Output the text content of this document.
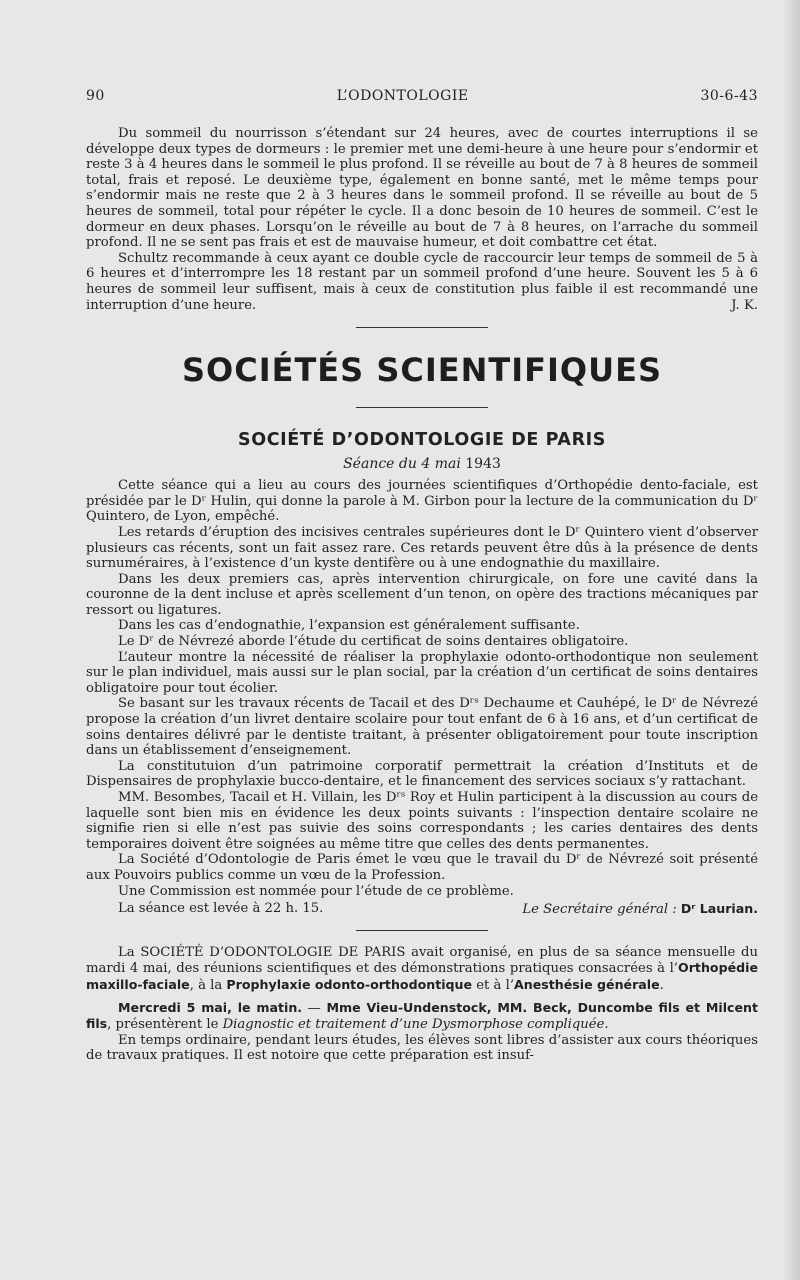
90	L’ODONTOLOGIE	30-6-43

Du sommeil du nourrisson s’étendant sur 24 heures, avec de courtes interruptions il se développe deux types de dormeurs : le premier met une demi-heure à une heure pour s’endormir et reste 3 à 4 heures dans le sommeil le plus profond. Il se réveille au bout de 7 à 8 heures de sommeil total, frais et reposé. Le deuxième type, également en bonne santé, met le même temps pour s’endormir mais ne reste que 2 à 3 heures dans le sommeil profond. Il se réveille au bout de 5 heures de sommeil, total pour répéter le cycle. Il a donc besoin de 10 heures de sommeil. C’est le dormeur en deux phases. Lorsqu’on le réveille au bout de 7 à 8 heures, on l’arrache du sommeil profond. Il ne se sent pas frais et est de mauvaise humeur, et doit combattre cet état.

Schultz recommande à ceux ayant ce double cycle de raccourcir leur temps de sommeil de 5 à 6 heures et d’interrompre les 18 restant par un sommeil profond d’une heure. Souvent les 5 à 6 heures de sommeil leur suffisent, mais à ceux de constitution plus faible il est recommandé une interruption d’une heure.	J. K.

SOCIÉTÉS SCIENTIFIQUES
SOCIÉTÉ D’ODONTOLOGIE DE PARIS
Séance du 4 mai 1943

Cette séance qui a lieu au cours des journées scientifiques d’Orthopédie dento-faciale, est présidée par le Dʳ Hulin, qui donne la parole à M. Girbon pour la lecture de la communication du Dʳ Quintero, de Lyon, empêché.

Les retards d’éruption des incisives centrales supérieures dont le Dʳ Quintero vient d’observer plusieurs cas récents, sont un fait assez rare. Ces retards peuvent être dûs à la présence de dents surnuméraires, à l’existence d’un kyste dentifère ou à une endognathie du maxillaire.

Dans les deux premiers cas, après intervention chirurgicale, on fore une cavité dans la couronne de la dent incluse et après scellement d’un tenon, on opère des tractions mécaniques par ressort ou ligatures.

Dans les cas d’endognathie, l’expansion est généralement suffisante.

Le Dʳ de Névrezé aborde l’étude du certificat de soins dentaires obligatoire.

L’auteur montre la nécessité de réaliser la prophylaxie odonto-orthodontique non seulement sur le plan individuel, mais aussi sur le plan social, par la création d’un certificat de soins dentaires obligatoire pour tout écolier.

Se basant sur les travaux récents de Tacail et des Dʳˢ Dechaume et Cauhépé, le Dʳ de Névrezé propose la création d’un livret dentaire scolaire pour tout enfant de 6 à 16 ans, et d’un certificat de soins dentaires délivré par le dentiste traitant, à présenter obligatoirement pour toute inscription dans un établissement d’enseignement.

La constitutuion d’un patrimoine corporatif permettrait la création d’Instituts et de Dispensaires de prophylaxie bucco-dentaire, et le financement des services sociaux s’y rattachant.

MM. Besombes, Tacail et H. Villain, les Dʳˢ Roy et Hulin participent à la discussion au cours de laquelle sont bien mis en évidence les deux points suivants : l’inspection dentaire scolaire ne signifie rien si elle n’est pas suivie des soins correspondants ; les caries dentaires des dents temporaires doivent être soignées au même titre que celles des dents permanentes.

La Société d’Odontologie de Paris émet le vœu que le travail du Dʳ de Névrezé soit présenté aux Pouvoirs publics comme un vœu de la Profession.

Une Commission est nommée pour l’étude de ce problème.

La séance est levée à 22 h. 15.	Le Secrétaire général : Dʳ Laurian.

La SOCIÉTÉ D’ODONTOLOGIE DE PARIS avait organisé, en plus de sa séance mensuelle du mardi 4 mai, des réunions scientifiques et des démonstrations pratiques consacrées à l’Orthopédie maxillo-faciale, à la Prophylaxie odonto-orthodontique et à l’Anesthésie générale.

Mercredi 5 mai, le matin. — Mme Vieu-Undenstock, MM. Beck, Duncombe fils et Milcent fils, présentèrent le Diagnostic et traitement d’une Dysmorphose compliquée.

En temps ordinaire, pendant leurs études, les élèves sont libres d’assister aux cours théoriques de travaux pratiques. Il est notoire que cette préparation est insuf-
